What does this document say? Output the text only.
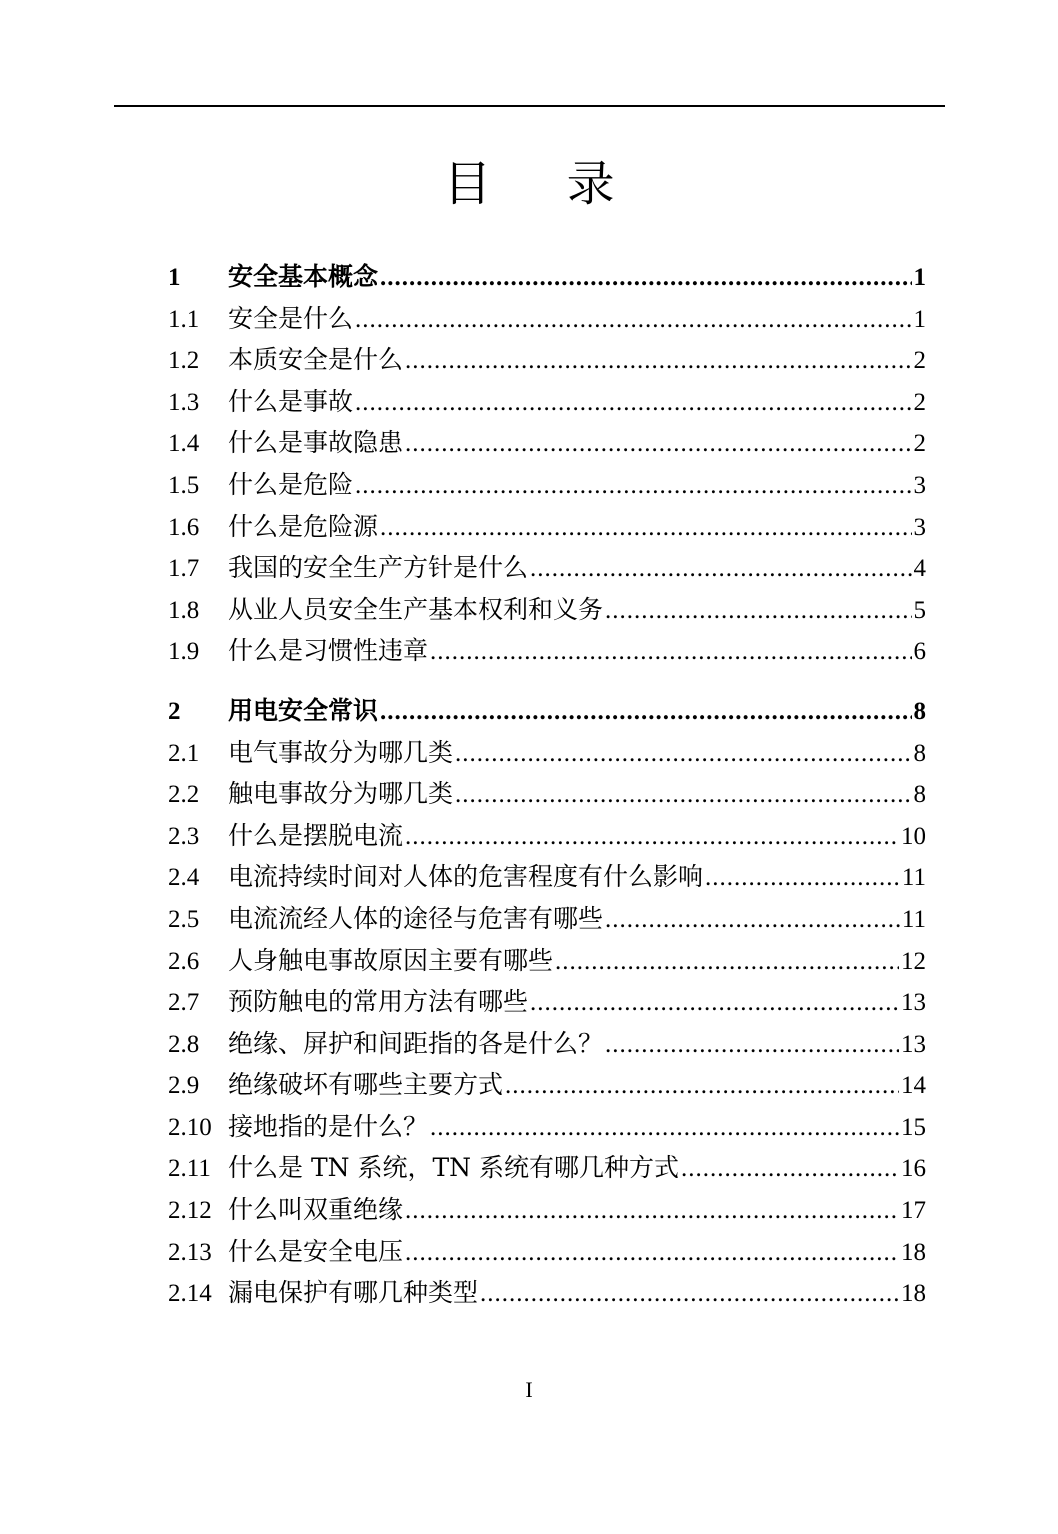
目 录
1	安全基本概念 .....	1
1.1	安全是什么 .....	1
1.2	本质安全是什么 .....	2
1.3	什么是事故 .....	2
1.4	什么是事故隐患 .....	2
1.5	什么是危险 .....	3
1.6	什么是危险源 .....	3
1.7	我国的安全生产方针是什么 .....	4
1.8	从业人员安全生产基本权利和义务 .....	5
1.9	什么是习惯性违章 .....	6
2	用电安全常识 .....	8
2.1	电气事故分为哪几类 .....	8
2.2	触电事故分为哪几类 .....	8
2.3	什么是摆脱电流 .....	10
2.4	电流持续时间对人体的危害程度有什么影响 .....	11
2.5	电流流经人体的途径与危害有哪些 .....	11
2.6	人身触电事故原因主要有哪些 .....	12
2.7	预防触电的常用方法有哪些 .....	13
2.8	绝缘、屏护和间距指的各是什么？ .....	13
2.9	绝缘破坏有哪些主要方式 .....	14
2.10 接地指的是什么？ .....	15
2.11 什么是 TN 系统，TN 系统有哪几种方式 .....	16
2.12 什么叫双重绝缘 .....	17
2.13 什么是安全电压 .....	18
2.14 漏电保护有哪几种类型 .....	18
I
